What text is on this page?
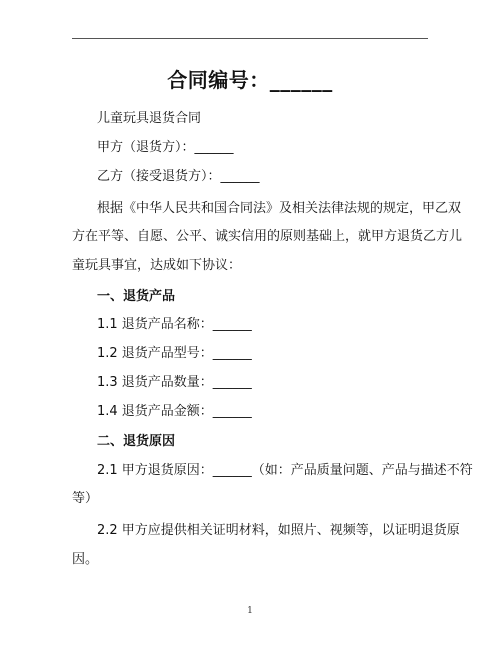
合同编号：______
儿童玩具退货合同
甲方（退货方）：______
乙方（接受退货方）：______
根据《中华人民共和国合同法》及相关法律法规的规定，甲乙双
方在平等、自愿、公平、诚实信用的原则基础上，就甲方退货乙方儿
童玩具事宜，达成如下协议：
一、退货产品
1.1 退货产品名称：______
1.2 退货产品型号：______
1.3 退货产品数量：______
1.4 退货产品金额：______
二、退货原因
2.1 甲方退货原因：______（如：产品质量问题、产品与描述不符
等）
2.2 甲方应提供相关证明材料，如照片、视频等，以证明退货原
因。
1
